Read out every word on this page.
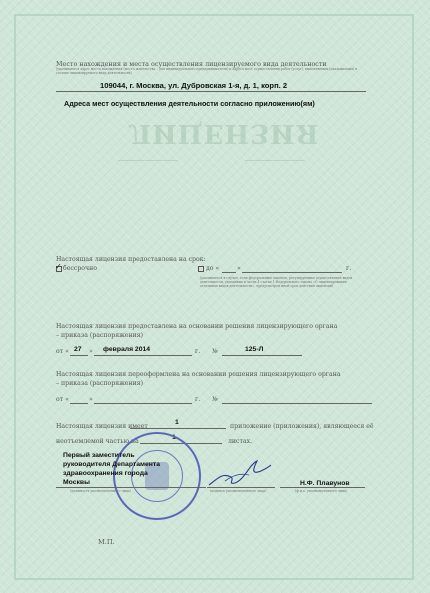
ЛИЦЕНЗИЯ
Место нахождения и места осуществления лицензируемого вида деятельности
(указываются адрес места нахождения (место жительства – для индивидуального предпринимателя) и адреса мест осуществления работ (услуг), выполняемых (оказываемых) в составе лицензируемого вида деятельности)
109044, г. Москва, ул. Дубровская 1-я, д. 1, корп. 2
Адреса мест осуществления деятельности согласно приложению(ям)
Настоящая лицензия предоставлена на срок:
✓ бессрочно	до «	»	г.
(указывается в случае, если федеральным законом, регулирующим осуществление видов деятельности, указанных в части 4 статьи 1 Федерального закона «О лицензировании отдельных видов деятельности», предусмотрен иной срок действия лицензии)
Настоящая лицензия предоставлена на основании решения лицензирующего органа
– приказа (распоряжения)
от « 27 » февраля 2014	г. №	125-Л
Настоящая лицензия переоформлена на основании решения лицензирующего органа
– приказа (распоряжения)
от «	»	г. №
Настоящая лицензия имеет
1
приложение (приложения), являющееся её
неотъемлемой частью на
1
листах.
Первый заместитель
руководителя Департамента
здравоохранения города
Москвы
(должность уполномоченного лица)	(подпись уполномоченного лица)
Н.Ф. Плавунов
(ф.и.о. уполномоченного лица)
М.П.
